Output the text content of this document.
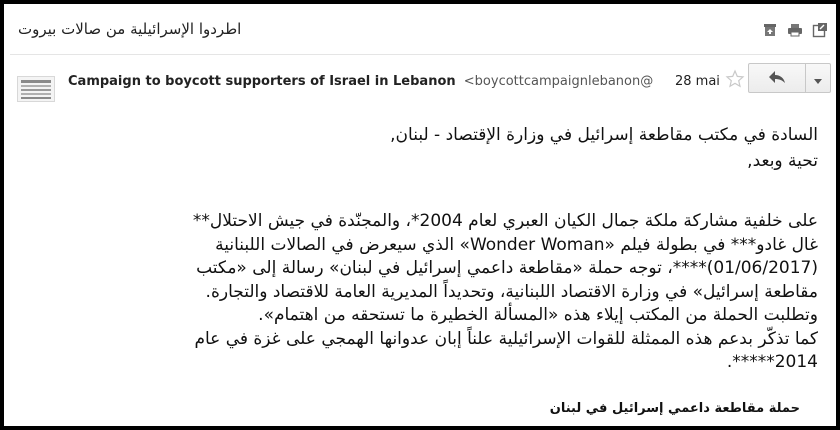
اطردوا الإسرائيلية من صالات بيروت
Campaign to boycott supporters of Israel in Lebanon <boycottcampaignlebanon@ 28 mai
السادة في مكتب مقاطعة إسرائيل في وزارة الإقتصاد - لبنان,
تحية وبعد,
على خلفية مشاركة ملكة جمال الكيان العبري لعام 2004*، والمجنّدة في جيش الاحتلال**
غال غادو*** في بطولة فيلم «Wonder Woman» الذي سيعرض في الصالات اللبنانية
(01/06/2017)****، توجه حملة «مقاطعة داعمي إسرائيل في لبنان» رسالة إلى «مكتب
مقاطعة إسرائيل» في وزارة الاقتصاد اللبنانية، وتحديداً المديرية العامة للاقتصاد والتجارة.
وتطلبت الحملة من المكتب إيلاء هذه «المسألة الخطيرة ما تستحقه من اهتمام».
كما تذكّر بدعم هذه الممثلة للقوات الإسرائيلية علناً إبان عدوانها الهمجي على غزة في عام
2014*****.
حملة مقاطعة داعمي إسرائيل في لبنان
